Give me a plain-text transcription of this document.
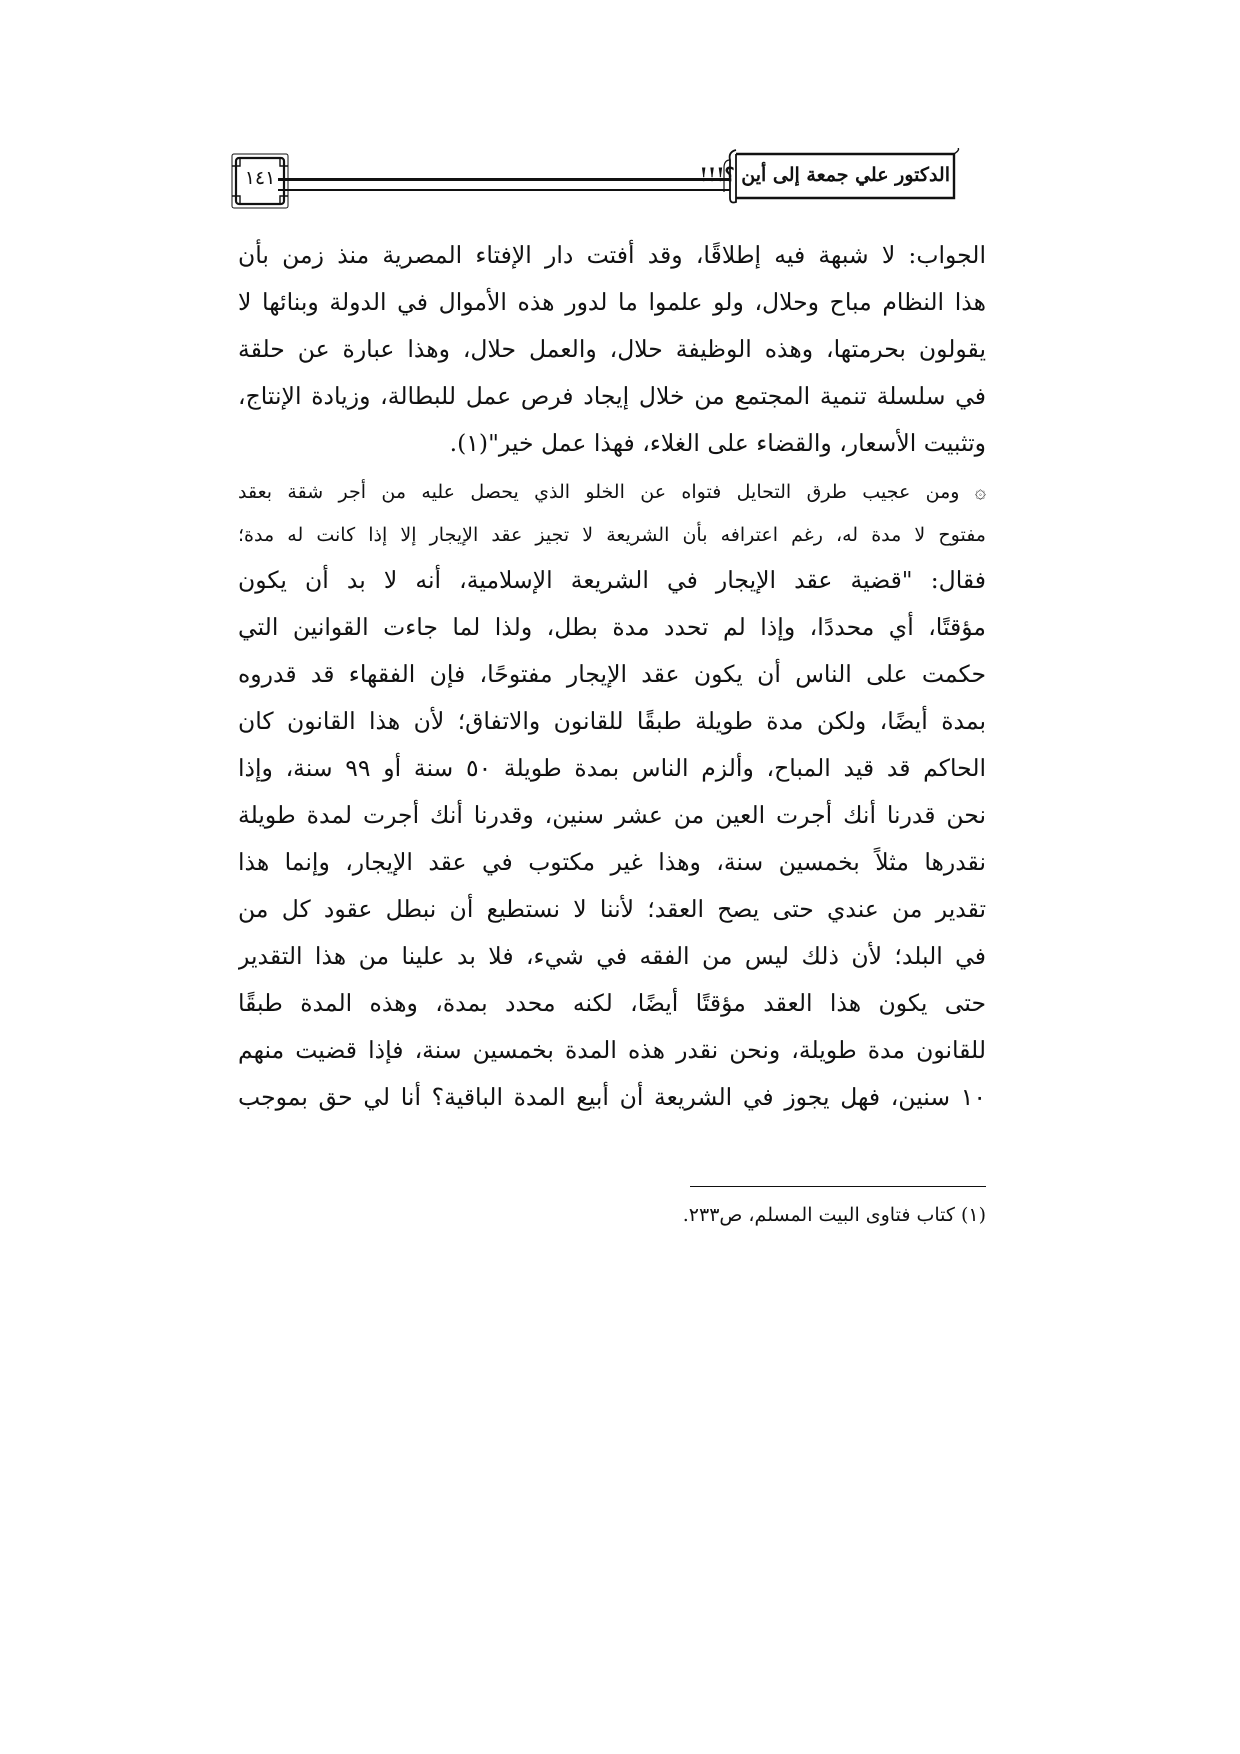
١٤١	الدكتور علي جمعة إلى أين ؟!!!
الجواب: لا شبهة فيه إطلاقًا، وقد أفتت دار الإفتاء المصرية منذ زمن بأن
هذا النظام مباح وحلال، ولو علموا ما لدور هذه الأموال في الدولة وبنائها لا
يقولون بحرمتها، وهذه الوظيفة حلال، والعمل حلال، وهذا عبارة عن حلقة
في سلسلة تنمية المجتمع من خلال إيجاد فرص عمل للبطالة، وزيادة الإنتاج،
وتثبيت الأسعار، والقضاء على الغلاء، فهذا عمل خير"(١).
۞ ومن عجيب طرق التحايل فتواه عن الخلو الذي يحصل عليه من أجر شقة بعقد
مفتوح لا مدة له، رغم اعترافه بأن الشريعة لا تجيز عقد الإيجار إلا إذا كانت له مدة؛
فقال: "قضية عقد الإيجار في الشريعة الإسلامية، أنه لا بد أن يكون
مؤقتًا، أي محددًا، وإذا لم تحدد مدة بطل، ولذا لما جاءت القوانين التي
حكمت على الناس أن يكون عقد الإيجار مفتوحًا، فإن الفقهاء قد قدروه
بمدة أيضًا، ولكن مدة طويلة طبقًا للقانون والاتفاق؛ لأن هذا القانون كان
الحاكم قد قيد المباح، وألزم الناس بمدة طويلة ٥٠ سنة أو ٩٩ سنة، وإذا
نحن قدرنا أنك أجرت العين من عشر سنين، وقدرنا أنك أجرت لمدة طويلة
نقدرها مثلاً بخمسين سنة، وهذا غير مكتوب في عقد الإيجار، وإنما هذا
تقدير من عندي حتى يصح العقد؛ لأننا لا نستطيع أن نبطل عقود كل من
في البلد؛ لأن ذلك ليس من الفقه في شيء، فلا بد علينا من هذا التقدير
حتى يكون هذا العقد مؤقتًا أيضًا، لكنه محدد بمدة، وهذه المدة طبقًا
للقانون مدة طويلة، ونحن نقدر هذه المدة بخمسين سنة، فإذا قضيت منهم
١٠ سنين، فهل يجوز في الشريعة أن أبيع المدة الباقية؟ أنا لي حق بموجب
(١) كتاب فتاوى البيت المسلم، ص٢٣٣.
